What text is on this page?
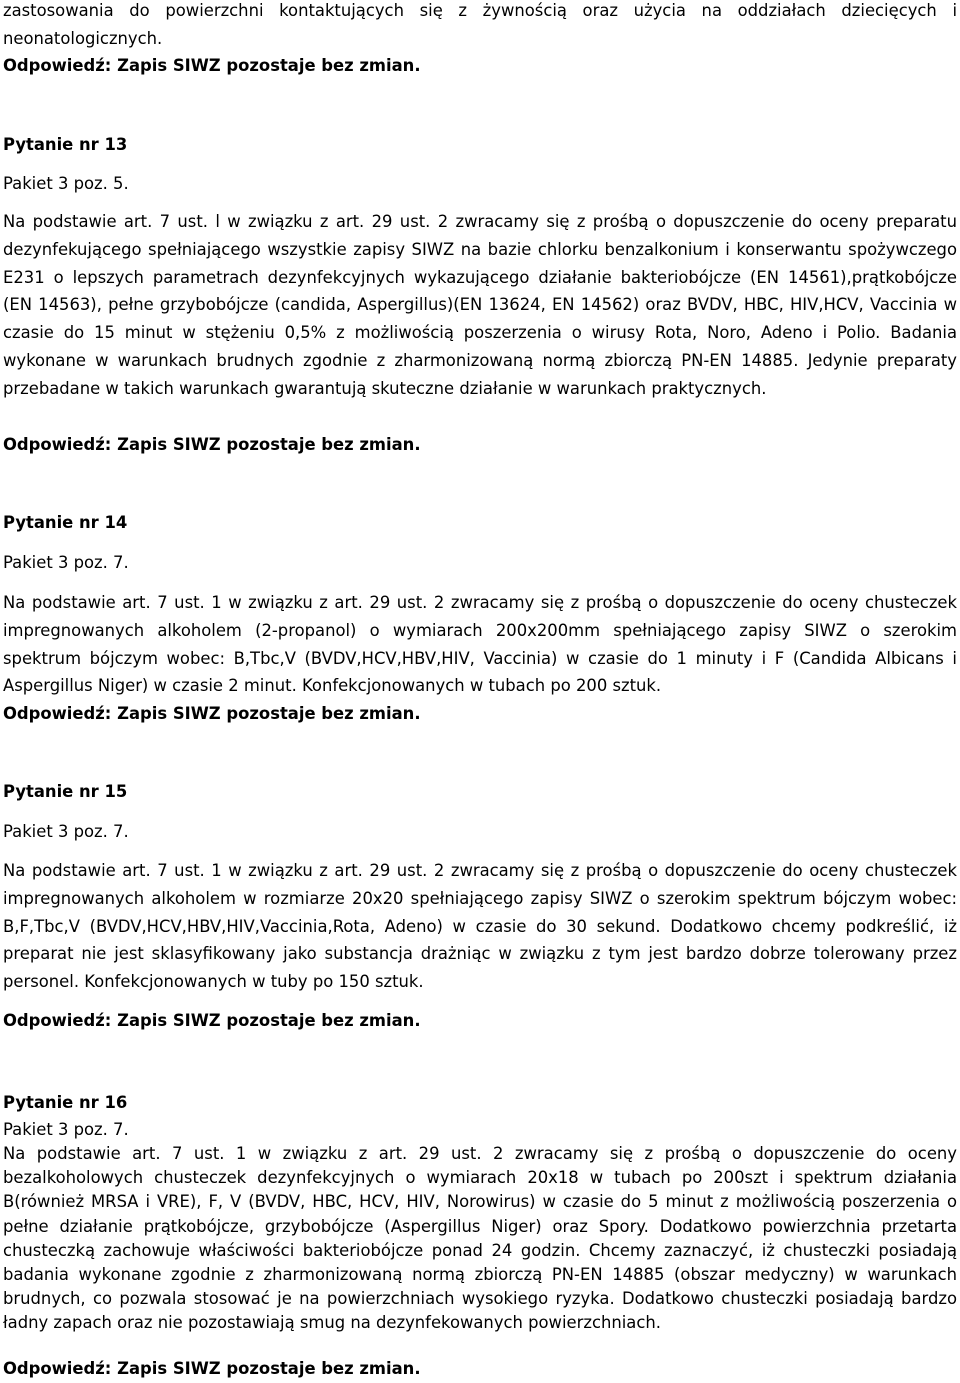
zastosowania do powierzchni kontaktujących się z żywnością oraz użycia na oddziałach dziecięcych i neonatologicznych.

Odpowiedź: Zapis SIWZ pozostaje bez zmian.

Pytanie nr 13

Pakiet 3 poz. 5.

Na podstawie art. 7 ust. l w związku z art. 29 ust. 2 zwracamy się z prośbą o dopuszczenie do oceny preparatu dezynfekującego spełniającego wszystkie zapisy SIWZ na bazie chlorku benzalkonium i konserwantu spożywczego E231 o lepszych parametrach dezynfekcyjnych wykazującego działanie bakteriobójcze (EN 14561),prątkobójcze (EN 14563), pełne grzybobójcze (candida, Aspergillus)(EN 13624, EN 14562) oraz BVDV, HBC, HIV,HCV, Vaccinia w czasie do 15 minut w stężeniu 0,5% z możliwością poszerzenia o wirusy Rota, Noro, Adeno i Polio. Badania wykonane w warunkach brudnych zgodnie z zharmonizowaną normą zbiorczą PN-EN 14885. Jedynie preparaty przebadane w takich warunkach gwarantują skuteczne działanie w warunkach praktycznych.

Odpowiedź: Zapis SIWZ pozostaje bez zmian.

Pytanie nr 14

Pakiet 3 poz. 7.

Na podstawie art. 7 ust. 1 w związku z art. 29 ust. 2 zwracamy się z prośbą o dopuszczenie do oceny chusteczek impregnowanych alkoholem (2-propanol) o wymiarach 200x200mm spełniającego zapisy SIWZ o szerokim spektrum bójczym wobec: B,Tbc,V (BVDV,HCV,HBV,HIV, Vaccinia) w czasie do 1 minuty i F (Candida Albicans i Aspergillus Niger) w czasie 2 minut. Konfekcjonowanych w tubach po 200 sztuk.

Odpowiedź: Zapis SIWZ pozostaje bez zmian.

Pytanie nr 15

Pakiet 3 poz. 7.

Na podstawie art. 7 ust. 1 w związku z art. 29 ust. 2 zwracamy się z prośbą o dopuszczenie do oceny chusteczek impregnowanych alkoholem w rozmiarze 20x20 spełniającego zapisy SIWZ o szerokim spektrum bójczym wobec: B,F,Tbc,V (BVDV,HCV,HBV,HIV,Vaccinia,Rota, Adeno) w czasie do 30 sekund. Dodatkowo chcemy podkreślić, iż preparat nie jest sklasyfikowany jako substancja drażniąc w związku z tym jest bardzo dobrze tolerowany przez personel. Konfekcjonowanych w tuby po 150 sztuk.

Odpowiedź: Zapis SIWZ pozostaje bez zmian.

Pytanie nr 16

Pakiet 3 poz. 7.

Na podstawie art. 7 ust. 1 w związku z art. 29 ust. 2 zwracamy się z prośbą o dopuszczenie do oceny bezalkoholowych chusteczek dezynfekcyjnych o wymiarach 20x18 w tubach po 200szt i spektrum działania B(również MRSA i VRE), F, V (BVDV, HBC, HCV, HIV, Norowirus) w czasie do 5 minut z możliwością poszerzenia o pełne działanie prątkobójcze, grzybobójcze (Aspergillus Niger) oraz Spory. Dodatkowo powierzchnia przetarta chusteczką zachowuje właściwości bakteriobójcze ponad 24 godzin. Chcemy zaznaczyć, iż chusteczki posiadają badania wykonane zgodnie z zharmonizowaną normą zbiorczą PN-EN 14885 (obszar medyczny) w warunkach brudnych, co pozwala stosować je na powierzchniach wysokiego ryzyka. Dodatkowo chusteczki posiadają bardzo ładny zapach oraz nie pozostawiają smug na dezynfekowanych powierzchniach.

Odpowiedź: Zapis SIWZ pozostaje bez zmian.
